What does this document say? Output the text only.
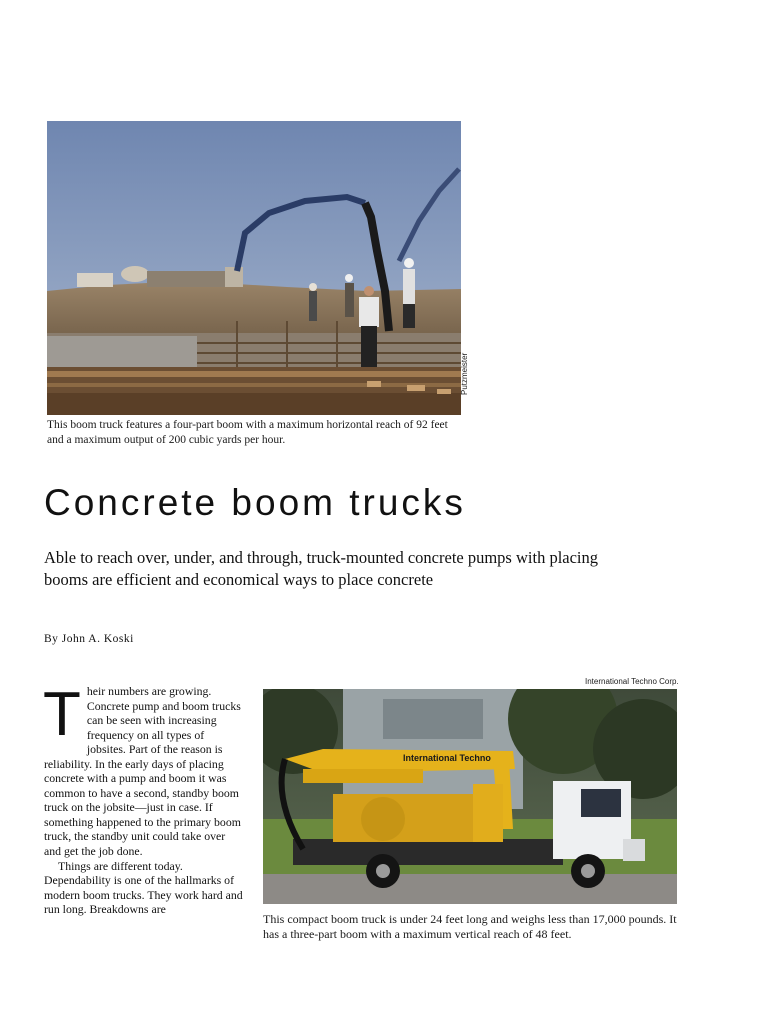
Putzmeister
This boom truck features a four-part boom with a maximum horizontal reach of 92 feet and a maximum output of 200 cubic yards per hour.
Concrete boom trucks
Able to reach over, under, and through, truck-mounted concrete pumps with placing booms are efficient and economical ways to place concrete
By John A. Koski
T heir numbers are growing. Concrete pump and boom trucks can be seen with increasing frequency on all types of jobsites. Part of the reason is reliability. In the early days of placing concrete with a pump and boom it was common to have a second, standby boom truck on the jobsite—just in case. If something happened to the primary boom truck, the standby unit could take over and get the job done.

Things are different today. Dependability is one of the hallmarks of modern boom trucks. They work hard and run long. Breakdowns are

International Techno Corp.
International Techno
This compact boom truck is under 24 feet long and weighs less than 17,000 pounds. It has a three-part boom with a maximum vertical reach of 48 feet.
